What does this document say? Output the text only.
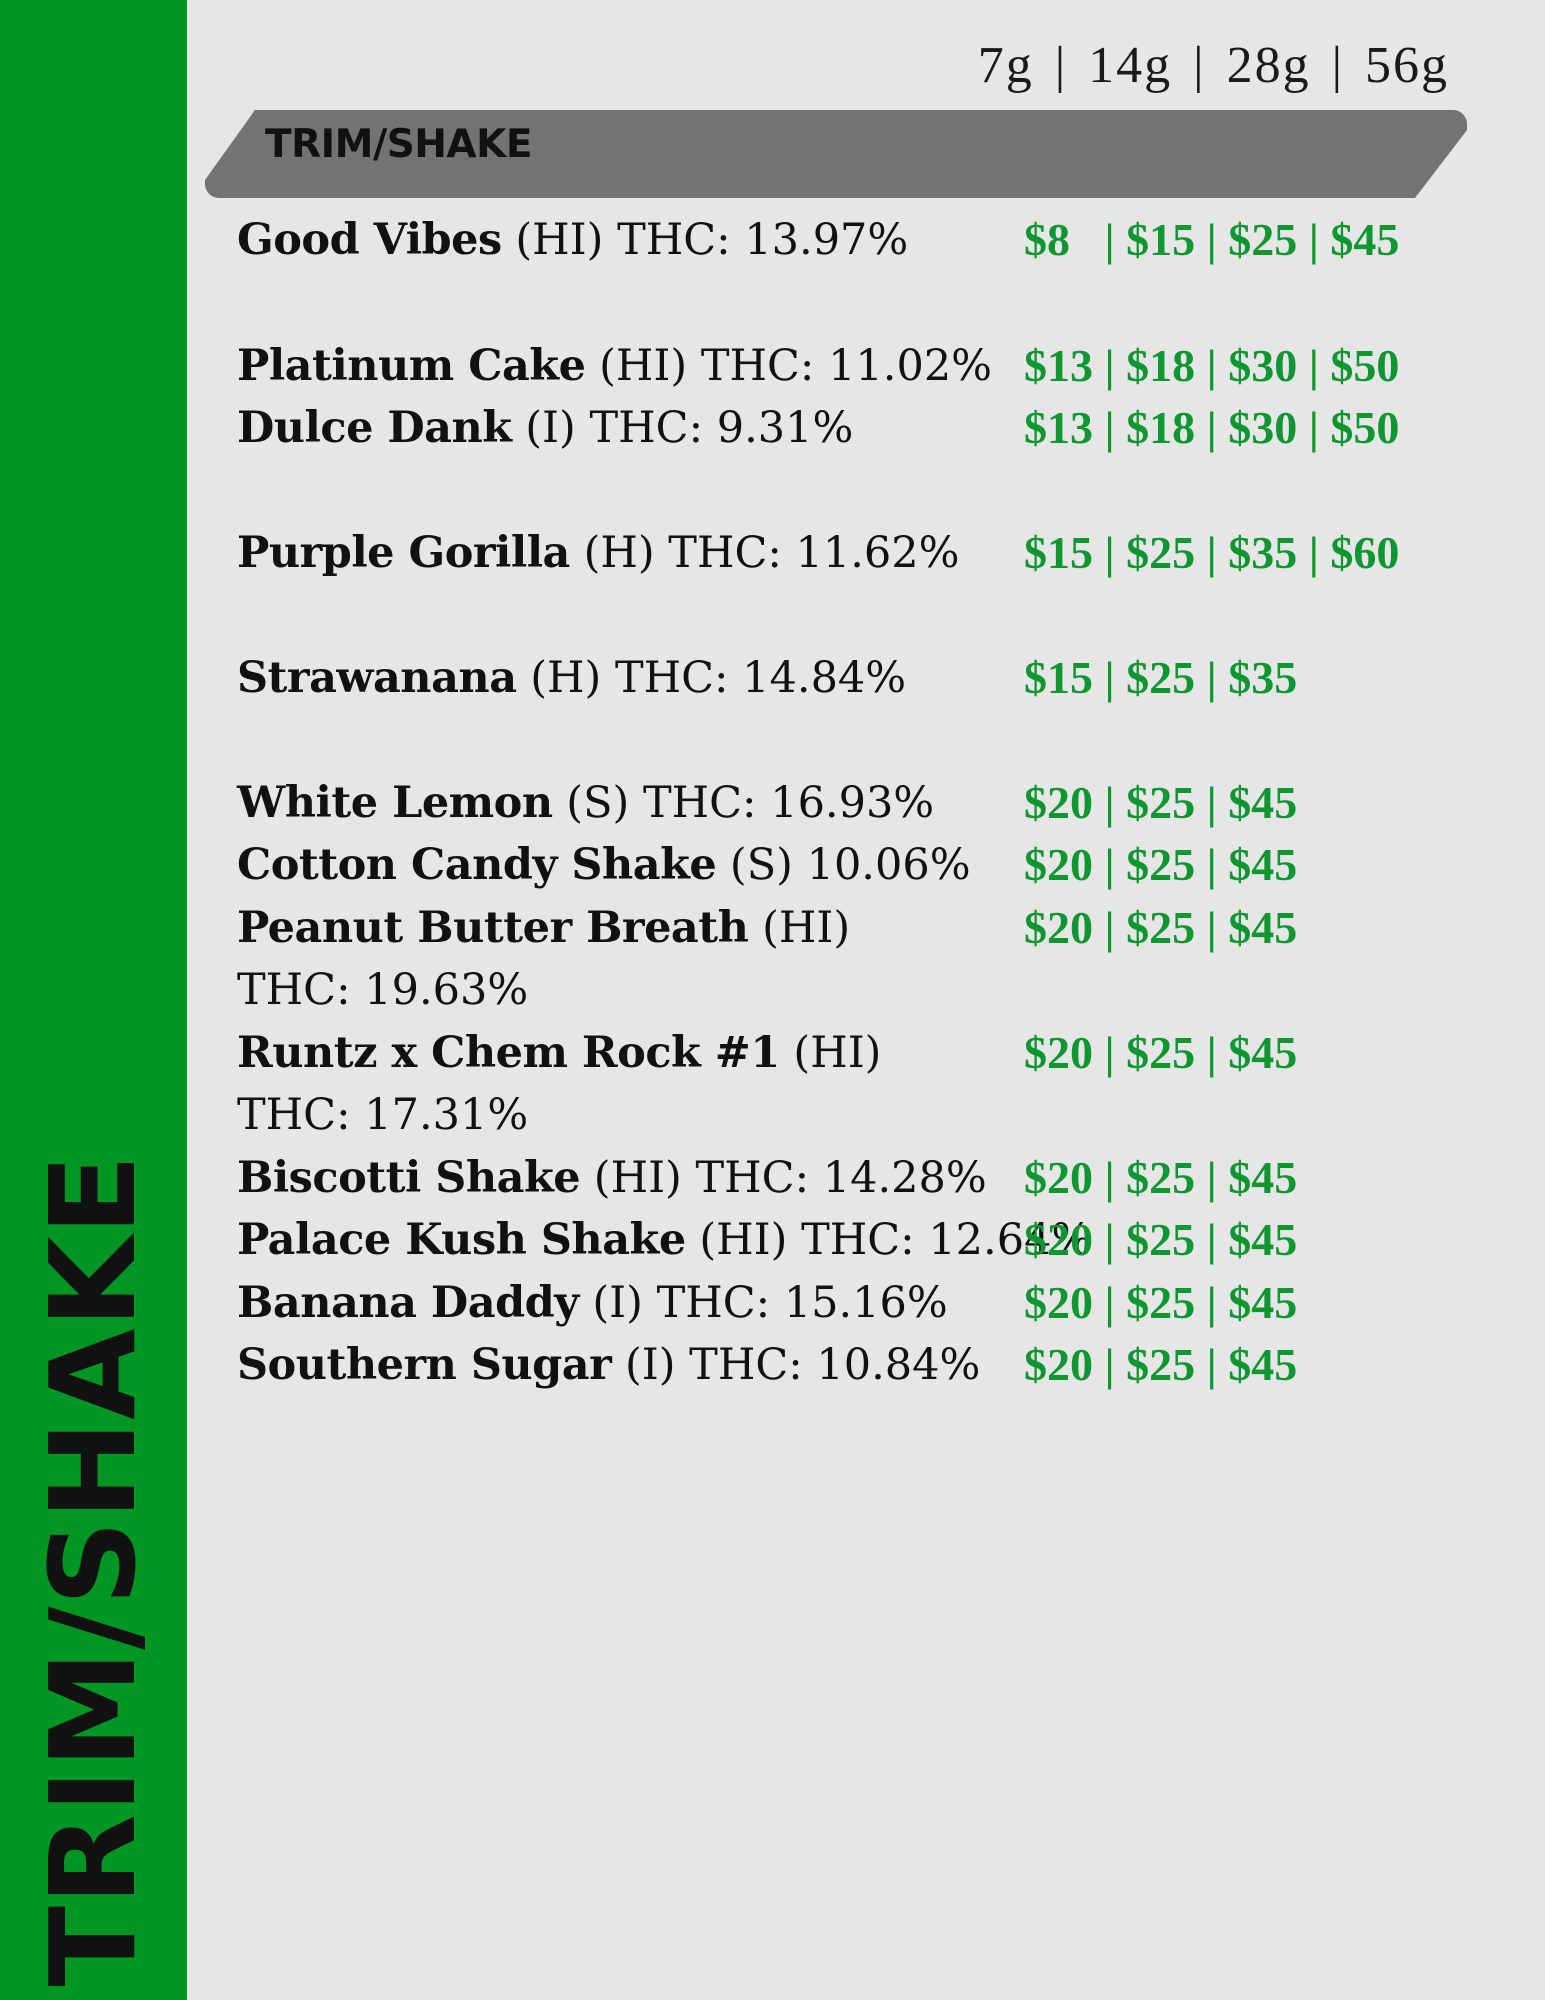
TRIM/SHAKE
7g | 14g | 28g | 56g
TRIM/SHAKE
Good Vibes (HI) THC: 13.97%	$8   | $15 | $25 | $45
Platinum Cake (HI) THC: 11.02% $13 | $18 | $30 | $50
Dulce Dank (I) THC: 9.31%	$13 | $18 | $30 | $50
Purple Gorilla (H) THC: 11.62% $15 | $25 | $35 | $60
Strawanana (H) THC: 14.84%	$15 | $25 | $35
White Lemon (S) THC: 16.93% $20 | $25 | $45
Cotton Candy Shake (S) 10.06% $20 | $25 | $45
Peanut Butter Breath (HI)
THC: 19.63%
$20 | $25 | $45
Runtz x Chem Rock #1 (HI)
THC: 17.31%
$20 | $25 | $45
Biscotti Shake (HI) THC: 14.28% $20 | $25 | $45
Palace Kush Shake (HI) THC: 12.64%
$20 | $25 | $45
Banana Daddy (I) THC: 15.16% $20 | $25 | $45
Southern Sugar (I) THC: 10.84% $20 | $25 | $45
